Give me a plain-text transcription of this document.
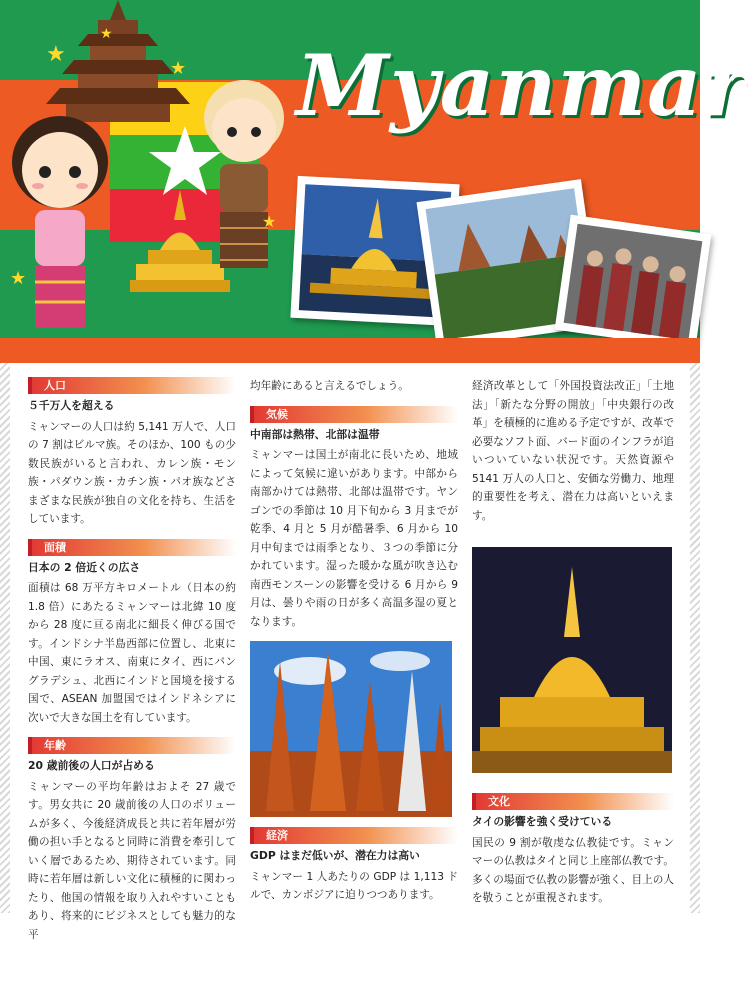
★
★
★
★
★
Myanmar
人口
５千万人を超える

ミャンマーの人口は約 5,141 万人で、人口の 7 割はビルマ族。そのほか、100 もの少数民族がいると言われ、カレン族・モン族・パダウン族・カチン族・パオ族などさまざまな民族が独自の文化を持ち、生活をしています。

面積
日本の 2 倍近くの広さ

面積は 68 万平方キロメートル（日本の約 1.8 倍）にあたるミャンマーは北緯 10 度から 28 度に亘る南北に細長く伸びる国です。インドシナ半島西部に位置し、北東に中国、東にラオス、南東にタイ、西にバングラデシュ、北西にインドと国境を接する国で、ASEAN 加盟国ではインドネシアに次いで大きな国土を有しています。

年齢
20 歳前後の人口が占める

ミャンマーの平均年齢はおよそ 27 歳です。男女共に 20 歳前後の人口のボリュームが多く、今後経済成長と共に若年層が労働の担い手となると同時に消費を牽引していく層であるため、期待されています。同時に若年層は新しい文化に積極的に関わったり、他国の情報を取り入れやすいこともあり、将来的にビジネスとしても魅力的な平

均年齢にあると言えるでしょう。

気候
中南部は熱帯、北部は温帯

ミャンマーは国土が南北に長いため、地域によって気候に違いがあります。中部から南部かけては熱帯、北部は温帯です。ヤンゴンでの季節は 10 月下旬から 3 月までが乾季、4 月と 5 月が酷暑季、6 月から 10 月中旬までは雨季となり、３つの季節に分かれています。湿った暖かな風が吹き込む南西モンスーンの影響を受ける 6 月から 9 月は、曇りや雨の日が多く高温多湿の夏となります。

経済
GDP はまだ低いが、潜在力は高い

ミャンマー 1 人あたりの GDP は 1,113 ドルで、カンボジアに迫りつつあります。

経済改革として「外国投資法改正」「土地法」「新たな分野の開放」「中央銀行の改革」を積極的に進める予定ですが、改革で必要なソフト面、バード面のインフラが追いついていない状況です。天然資源や 5141 万人の人口と、安価な労働力、地理的重要性を考え、潜在力は高いといえます。

文化
タイの影響を強く受けている

国民の 9 割が敬虔な仏教徒です。ミャンマーの仏教はタイと同じ上座部仏教です。多くの場面で仏教の影響が強く、目上の人を敬うことが重視されます。
